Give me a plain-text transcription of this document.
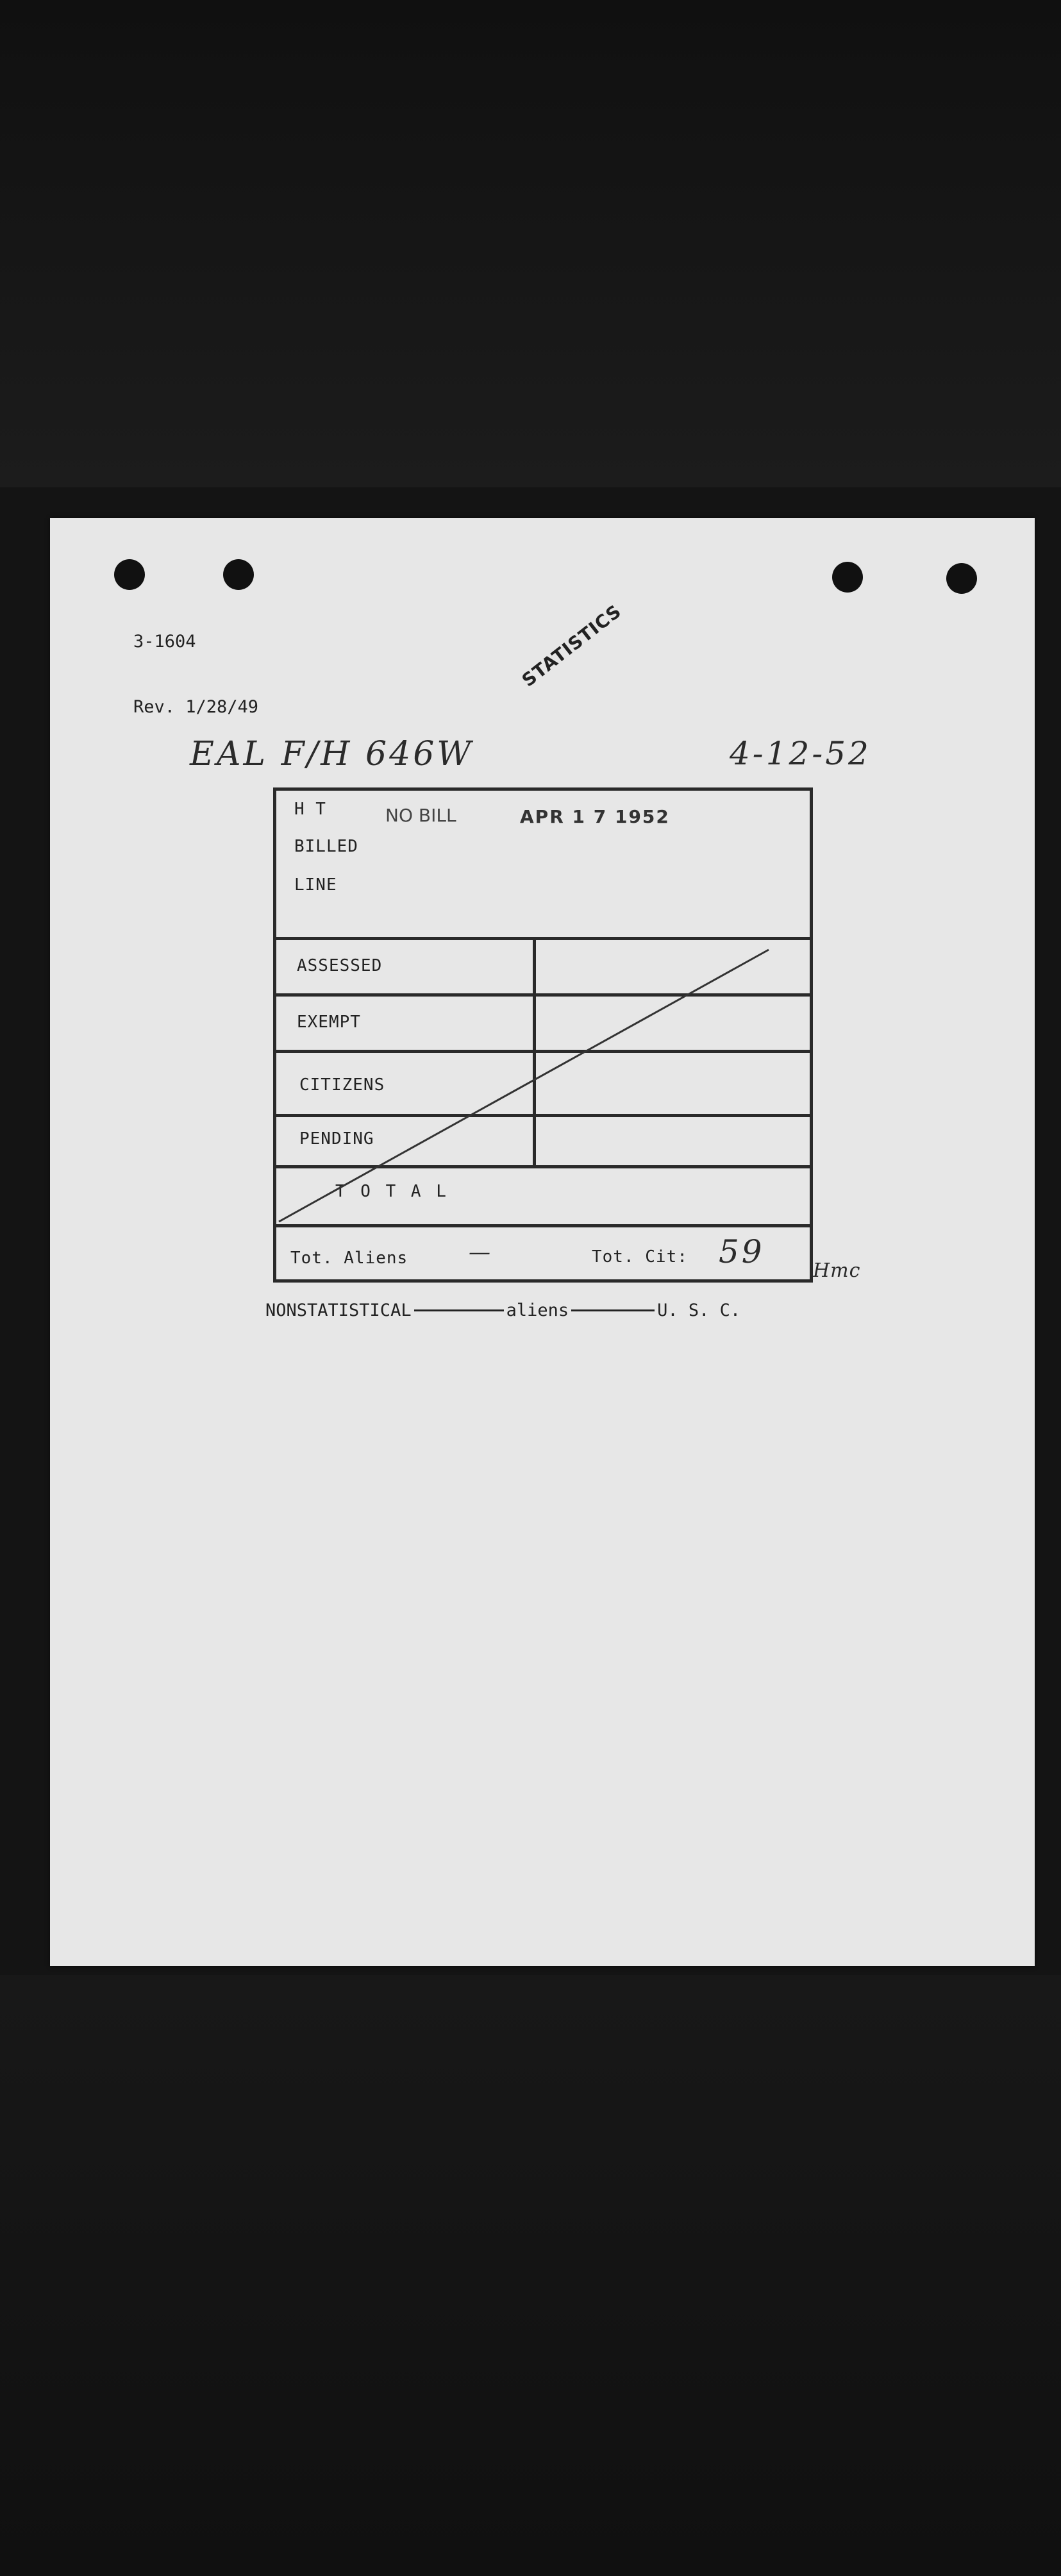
3-1604

Rev. 1/28/49

STATISTICS
EAL F/H 646W	4-12-52
H T
BILLED
LINE
NO BILL	APR 1 7 1952
ASSESSED
EXEMPT
CITIZENS
PENDING
T O T A L
Tot. Aliens	—	Tot. Cit: 59
Hmc
NONSTATISTICAL	aliens	U. S. C.
